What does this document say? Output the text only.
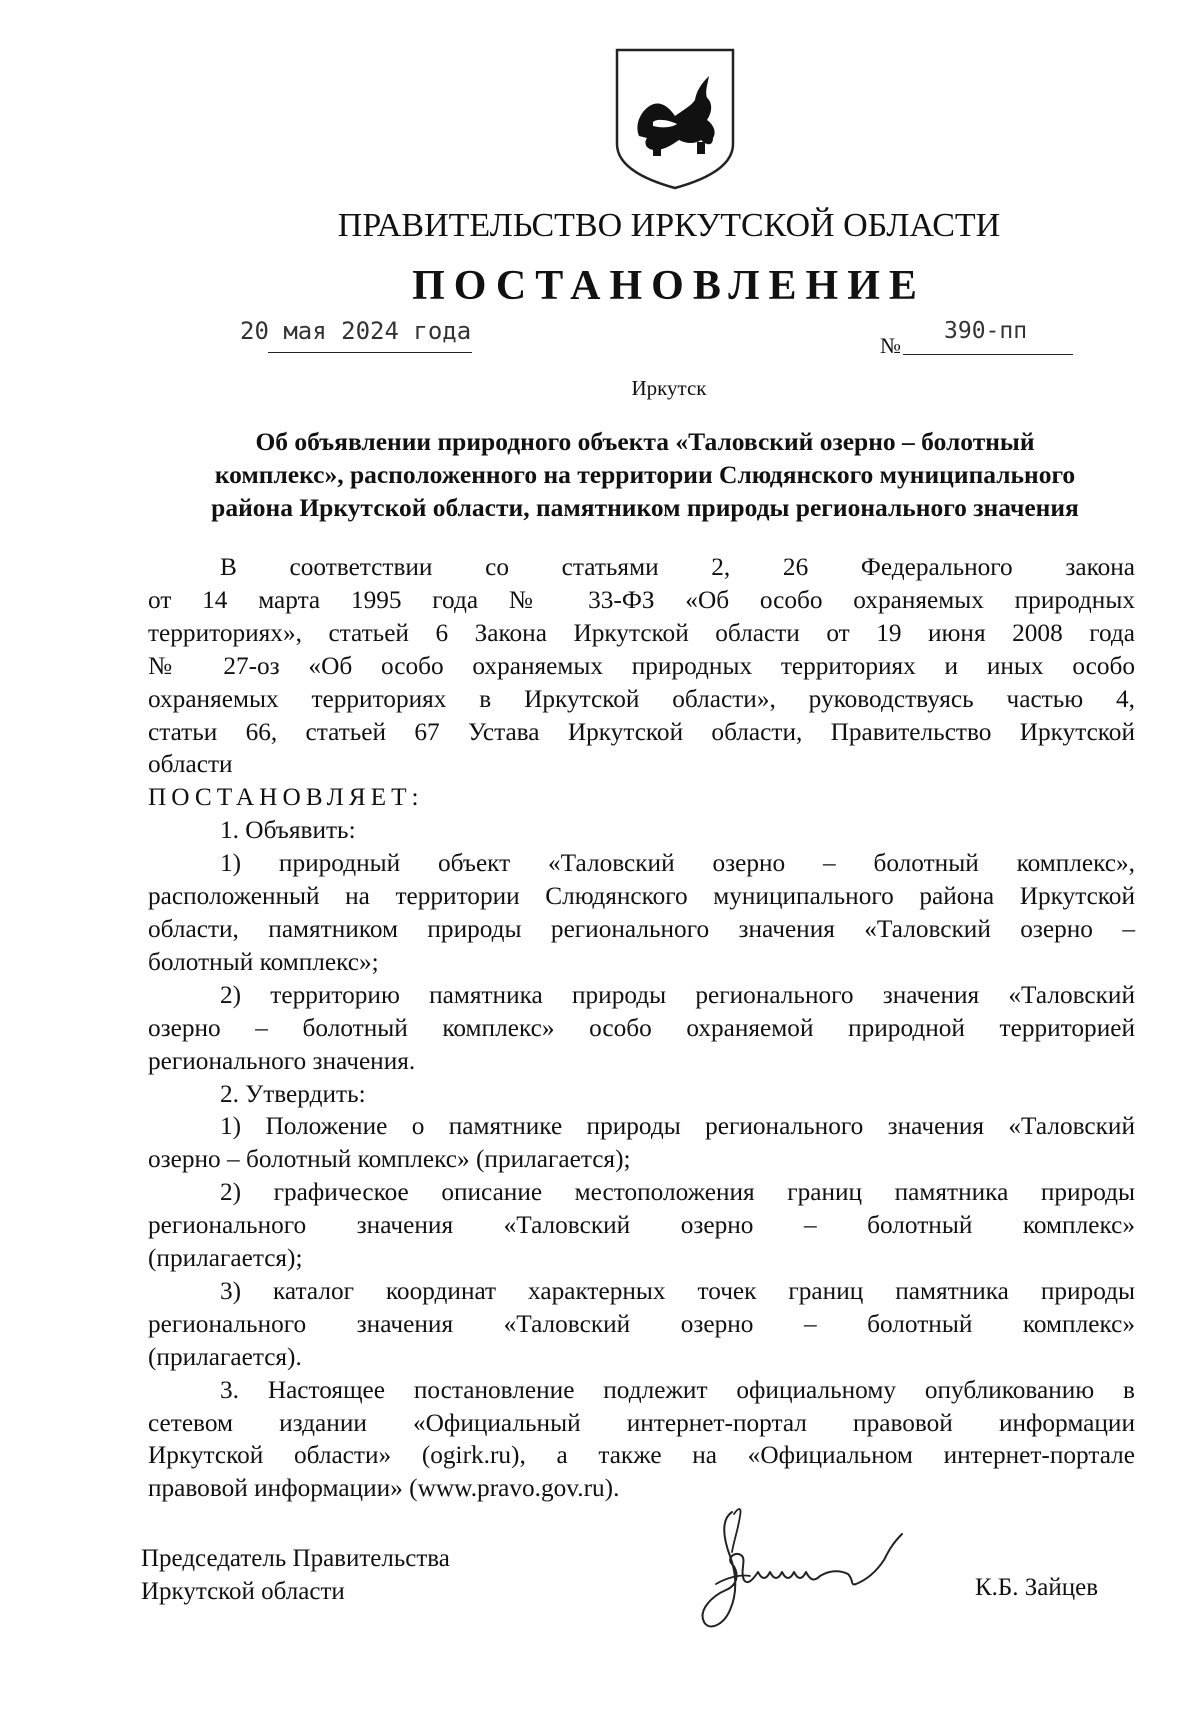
ПРАВИТЕЛЬСТВО ИРКУТСКОЙ ОБЛАСТИ
ПОСТАНОВЛЕНИЕ
20 мая 2024 года
№
390-пп
Иркутск
Об объявлении природного объекта «Таловский озерно – болотный
комплекс», расположенного на территории Слюдянского муниципального
района Иркутской области, памятником природы регионального значения

В соответствии со статьями 2, 26 Федерального закона
от 14 марта 1995 года № 33-ФЗ «Об особо охраняемых природных
территориях», статьей 6 Закона Иркутской области от 19 июня 2008 года
№ 27-оз «Об особо охраняемых природных территориях и иных особо
охраняемых территориях в Иркутской области», руководствуясь частью 4,
статьи 66, статьей 67 Устава Иркутской области, Правительство Иркутской
области

ПОСТАНОВЛЯЕТ:

1. Объявить:

1) природный объект «Таловский озерно – болотный комплекс»,
расположенный на территории Слюдянского муниципального района Иркутской
области, памятником природы регионального значения «Таловский озерно –
болотный комплекс»;

2) территорию памятника природы регионального значения «Таловский
озерно – болотный комплекс» особо охраняемой природной территорией
регионального значения.

2. Утвердить:

1) Положение о памятнике природы регионального значения «Таловский
озерно – болотный комплекс» (прилагается);

2) графическое описание местоположения границ памятника природы
регионального значения «Таловский озерно – болотный комплекс»
(прилагается);

3) каталог координат характерных точек границ памятника природы
регионального значения «Таловский озерно – болотный комплекс»
(прилагается).

3. Настоящее постановление подлежит официальному опубликованию в
сетевом издании «Официальный интернет-портал правовой информации
Иркутской области» (ogirk.ru), а также на «Официальном интернет-портале
правовой информации» (www.pravo.gov.ru).

Председатель Правительства
Иркутской области	К.Б. Зайцев
